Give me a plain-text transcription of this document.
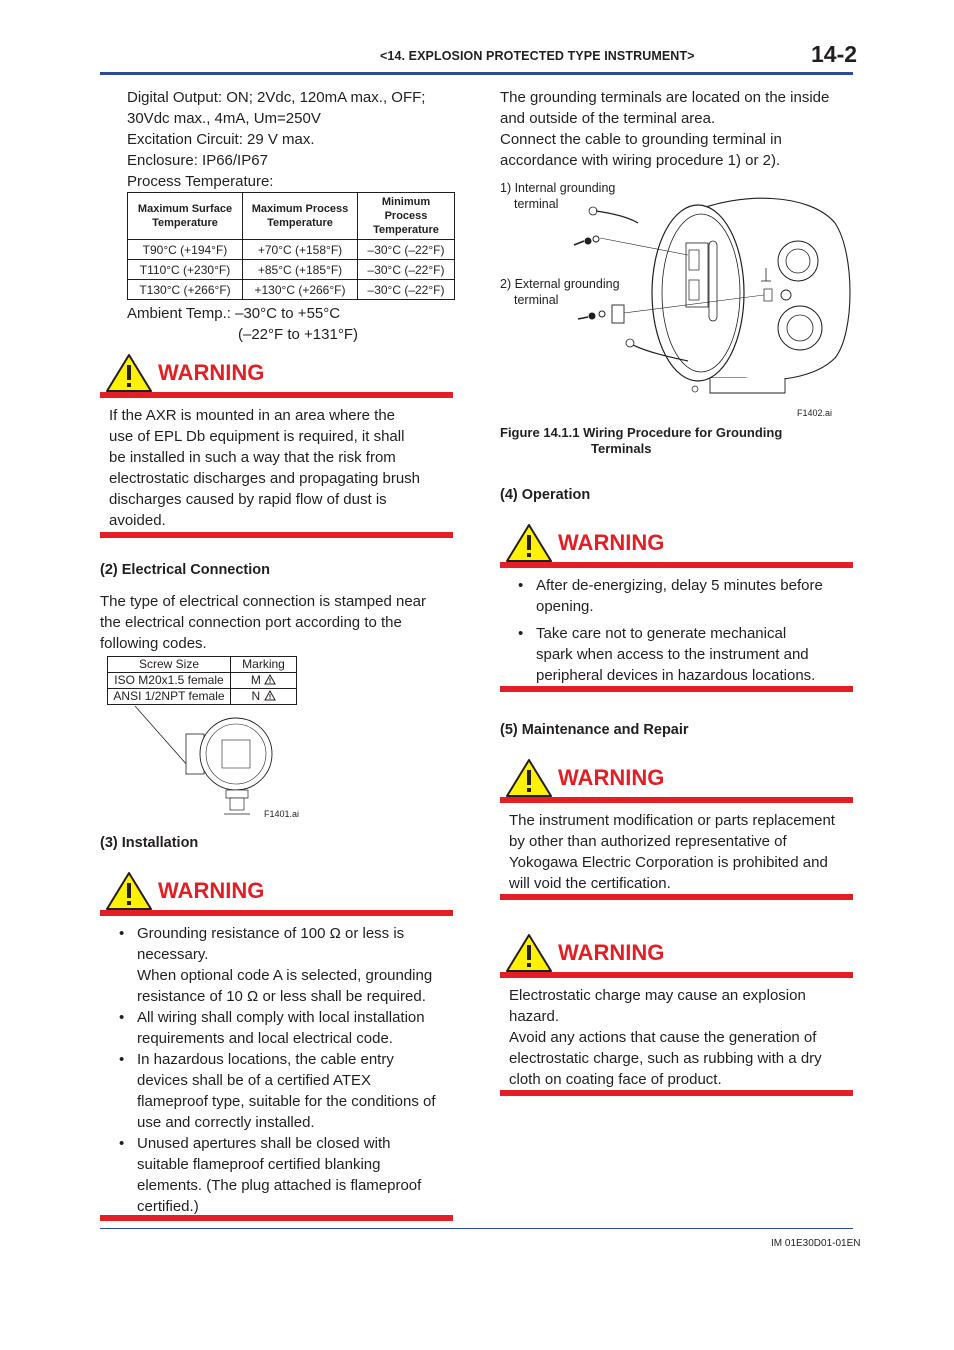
<14. EXPLOSION PROTECTED TYPE INSTRUMENT>	14-2
IM 01E30D01-01EN
Digital Output: ON; 2Vdc, 120mA max., OFF;
30Vdc max., 4mA, Um=250V
Excitation Circuit: 29 V max.
Enclosure: IP66/IP67
Process Temperature:
Maximum Surface Temperature	Maximum Process Temperature	Minimum Process Temperature
T90°C (+194°F)	+70°C (+158°F)	–30°C (–22°F)
T110°C (+230°F)	+85°C (+185°F)	–30°C (–22°F)
T130°C (+266°F)	+130°C (+266°F)	–30°C (–22°F)
Ambient Temp.: –30°C to +55°C
(–22°F to +131°F)
WARNING
If the AXR is mounted in an area where the
use of EPL Db equipment is required, it shall
be installed in such a way that the risk from
electrostatic discharges and propagating brush
discharges caused by rapid flow of dust is
avoided.
(2) Electrical Connection
The type of electrical connection is stamped near
the electrical connection port according to the
following codes.
Screw Size	Marking
ISO M20x1.5 female	M
ANSI 1/2NPT female	N
F1401.ai
(3) Installation
WARNING
• Grounding resistance of 100 Ω or less is
necessary.
When optional code A is selected, grounding
resistance of 10 Ω or less shall be required.
• All wiring shall comply with local installation
requirements and local electrical code.
• In hazardous locations, the cable entry
devices shall be of a certified ATEX
flameproof type, suitable for the conditions of
use and correctly installed.
• Unused apertures shall be closed with
suitable flameproof certified blanking
elements. (The plug attached is flameproof
certified.)
The grounding terminals are located on the inside
and outside of the terminal area.
Connect the cable to grounding terminal in
accordance with wiring procedure 1) or 2).
1) Internal grounding
terminal
2) External grounding
terminal
F1402.ai
Figure 14.1.1 Wiring Procedure for Grounding
Terminals
(4) Operation
WARNING
• After de-energizing, delay 5 minutes before
opening.
• Take care not to generate mechanical
spark when access to the instrument and
peripheral devices in hazardous locations.
(5) Maintenance and Repair
WARNING
The instrument modification or parts replacement
by other than authorized representative of
Yokogawa Electric Corporation is prohibited and
will void the certification.
WARNING
Electrostatic charge may cause an explosion
hazard.
Avoid any actions that cause the generation of
electrostatic charge, such as rubbing with a dry
cloth on coating face of product.
